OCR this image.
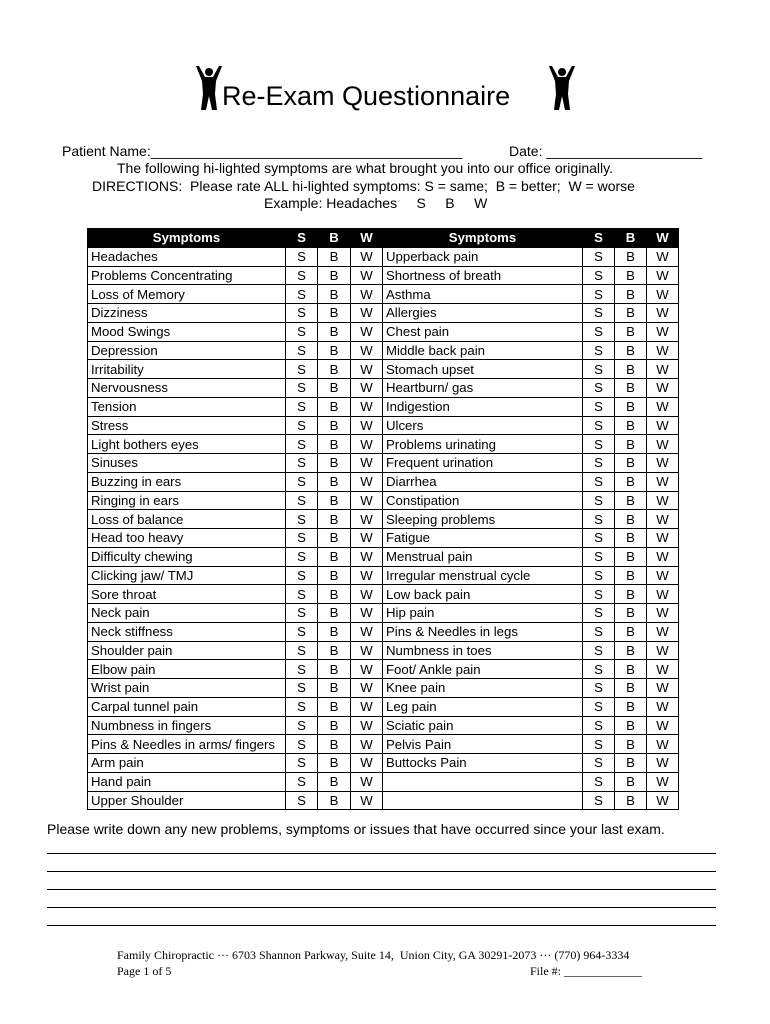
Re-Exam Questionnaire
Patient Name:________________________________________	Date: ____________________
The following hi-lighted symptoms are what brought you into our office originally.
DIRECTIONS:  Please rate ALL hi-lighted symptoms: S = same;  B = better;  W = worse
Example: Headaches     S     B     W
Symptoms	S	B	W	Symptoms	S	B	W
Headaches	S	B	W	Upperback pain	S	B	W
Problems Concentrating	S	B	W	Shortness of breath	S	B	W
Loss of Memory	S	B	W	Asthma	S	B	W
Dizziness	S	B	W	Allergies	S	B	W
Mood Swings	S	B	W	Chest pain	S	B	W
Depression	S	B	W	Middle back pain	S	B	W
Irritability	S	B	W	Stomach upset	S	B	W
Nervousness	S	B	W	Heartburn/ gas	S	B	W
Tension	S	B	W	Indigestion	S	B	W
Stress	S	B	W	Ulcers	S	B	W
Light bothers eyes	S	B	W	Problems urinating	S	B	W
Sinuses	S	B	W	Frequent urination	S	B	W
Buzzing in ears	S	B	W	Diarrhea	S	B	W
Ringing in ears	S	B	W	Constipation	S	B	W
Loss of balance	S	B	W	Sleeping problems	S	B	W
Head too heavy	S	B	W	Fatigue	S	B	W
Difficulty chewing	S	B	W	Menstrual pain	S	B	W
Clicking jaw/ TMJ	S	B	W	Irregular menstrual cycle	S	B	W
Sore throat	S	B	W	Low back pain	S	B	W
Neck pain	S	B	W	Hip pain	S	B	W
Neck stiffness	S	B	W	Pins & Needles in legs	S	B	W
Shoulder pain	S	B	W	Numbness in toes	S	B	W
Elbow pain	S	B	W	Foot/ Ankle pain	S	B	W
Wrist pain	S	B	W	Knee pain	S	B	W
Carpal tunnel pain	S	B	W	Leg pain	S	B	W
Numbness in fingers	S	B	W	Sciatic pain	S	B	W
Pins & Needles in arms/ fingers	S	B	W	Pelvis Pain	S	B	W
Arm pain	S	B	W	Buttocks Pain	S	B	W
Hand pain	S	B	W		S	B	W
Upper Shoulder	S	B	W		S	B	W
Please write down any new problems, symptoms or issues that have occurred since your last exam.
Family Chiropractic ··· 6703 Shannon Parkway, Suite 14,  Union City, GA 30291-2073 ··· (770) 964-3334
Page 1 of 5	File #: _____________
